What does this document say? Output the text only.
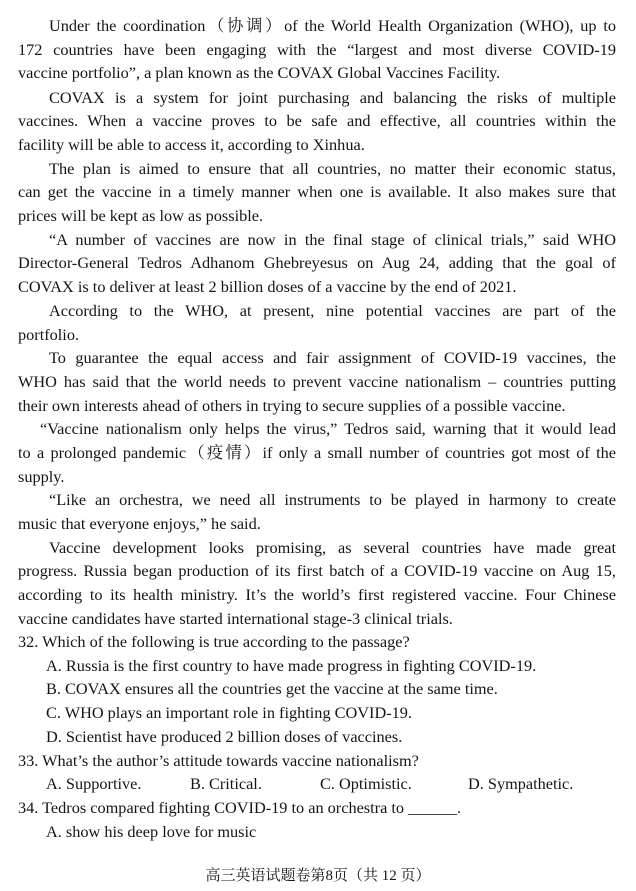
Under the coordination（协调）of the World Health Organization (WHO), up to
172 countries have been engaging with the “largest and most diverse COVID-19
vaccine portfolio”, a plan known as the COVAX Global Vaccines Facility.
COVAX is a system for joint purchasing and balancing the risks of multiple
vaccines. When a vaccine proves to be safe and effective, all countries within the
facility will be able to access it, according to Xinhua.
The plan is aimed to ensure that all countries, no matter their economic status,
can get the vaccine in a timely manner when one is available. It also makes sure that
prices will be kept as low as possible.
“A number of vaccines are now in the final stage of clinical trials,” said WHO
Director-General Tedros Adhanom Ghebreyesus on Aug 24, adding that the goal of
COVAX is to deliver at least 2 billion doses of a vaccine by the end of 2021.
According to the WHO, at present, nine potential vaccines are part of the
portfolio.
To guarantee the equal access and fair assignment of COVID-19 vaccines, the
WHO has said that the world needs to prevent vaccine nationalism – countries putting
their own interests ahead of others in trying to secure supplies of a possible vaccine.
“Vaccine nationalism only helps the virus,” Tedros said, warning that it would lead
to a prolonged pandemic（疫情）if only a small number of countries got most of the
supply.
“Like an orchestra, we need all instruments to be played in harmony to create
music that everyone enjoys,” he said.
Vaccine development looks promising, as several countries have made great
progress. Russia began production of its first batch of a COVID-19 vaccine on Aug 15,
according to its health ministry. It’s the world’s first registered vaccine. Four Chinese
vaccine candidates have started international stage-3 clinical trials.
32. Which of the following is true according to the passage?
A. Russia is the first country to have made progress in fighting COVID-19.
B. COVAX ensures all the countries get the vaccine at the same time.
C. WHO plays an important role in fighting COVID-19.
D. Scientist have produced 2 billion doses of vaccines.
33. What’s the author’s attitude towards vaccine nationalism?
A. Supportive.	B. Critical.	C. Optimistic.	D. Sympathetic.
34. Tedros compared fighting COVID-19 to an orchestra to ______.
A. show his deep love for music
高三英语试题卷第8页（共 12 页）
